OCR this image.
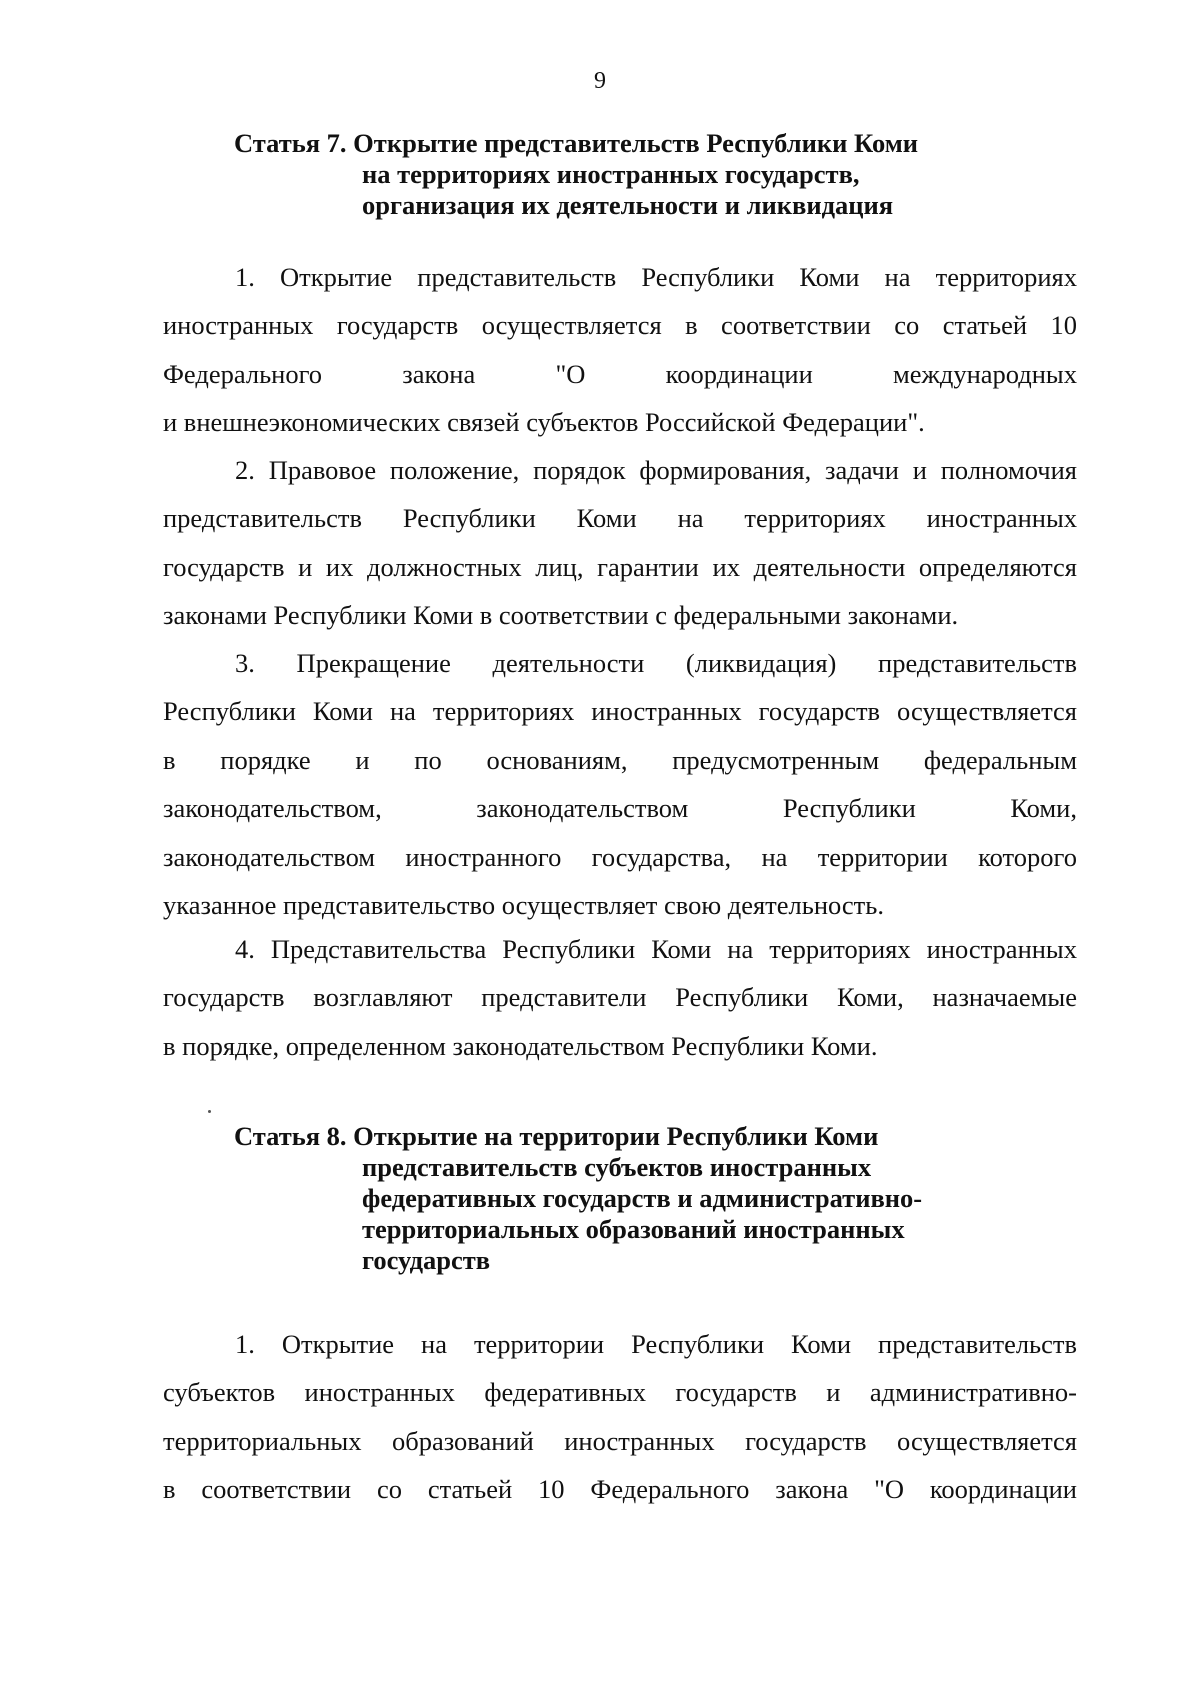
9
Статья 7. Открытие представительств Республики Коми
на территориях иностранных государств,
организация их деятельности и ликвидация
1. Открытие представительств Республики Коми на территориях
иностранных государств осуществляется в соответствии со статьей 10
Федерального закона "О координации международных
и внешнеэкономических связей субъектов Российской Федерации".
2. Правовое положение, порядок формирования, задачи и полномочия
представительств Республики Коми на территориях иностранных
государств и их должностных лиц, гарантии их деятельности определяются
законами Республики Коми в соответствии с федеральными законами.
3. Прекращение деятельности (ликвидация) представительств
Республики Коми на территориях иностранных государств осуществляется
в порядке и по основаниям, предусмотренным федеральным
законодательством, законодательством Республики Коми,
законодательством иностранного государства, на территории которого
указанное представительство осуществляет свою деятельность.
4. Представительства Республики Коми на территориях иностранных
государств возглавляют представители Республики Коми, назначаемые
в порядке, определенном законодательством Республики Коми.
Статья 8. Открытие на территории Республики Коми
представительств субъектов иностранных
федеративных государств и административно-
территориальных образований иностранных
государств
1. Открытие на территории Республики Коми представительств
субъектов иностранных федеративных государств и административно-
территориальных образований иностранных государств осуществляется
в соответствии со статьей 10 Федерального закона "О координации
